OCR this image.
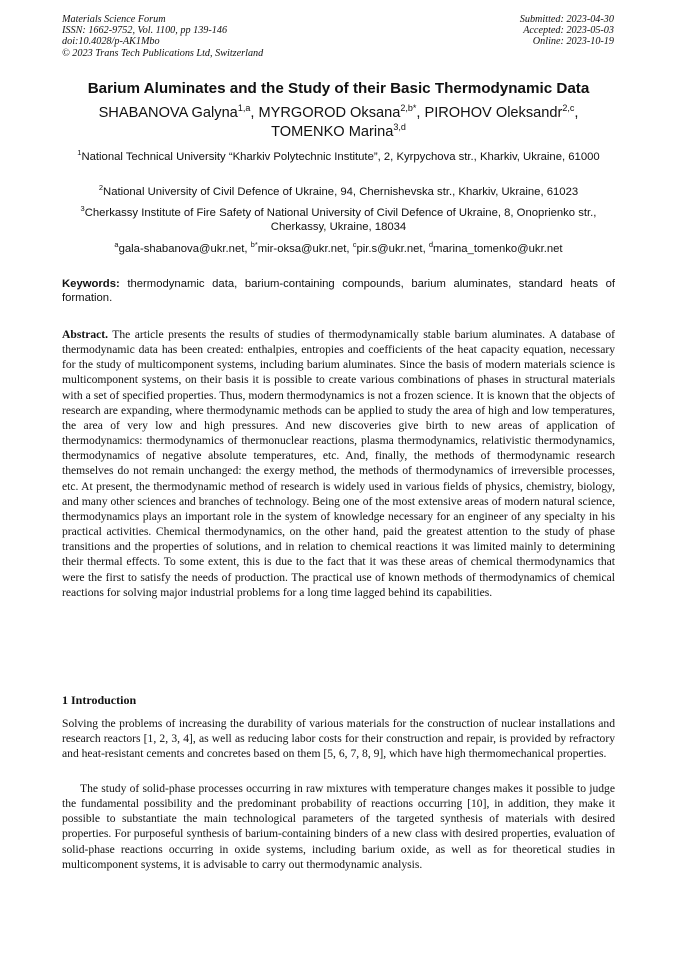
Materials Science Forum
ISSN: 1662-9752, Vol. 1100, pp 139-146
doi:10.4028/p-AK1Mbo
© 2023 Trans Tech Publications Ltd, Switzerland
Submitted: 2023-04-30
Accepted: 2023-05-03
Online: 2023-10-19
Barium Aluminates and the Study of their Basic Thermodynamic Data
SHABANOVA Galyna$^{1,a}$, MYRGOROD Oksana$^{2,b*}$, PIROHOV Oleksandr$^{2,c}$,
TOMENKO Marina$^{3,d}$
$^1$National Technical University “Kharkiv Polytechnic Institute”, 2, Kyrpychova str., Kharkiv, Ukraine, 61000
$^2$National University of Civil Defence of Ukraine, 94, Chernishevska str., Kharkiv, Ukraine, 61023
$^3$Cherkassy Institute of Fire Safety of National University of Civil Defence of Ukraine, 8, Onoprienko str., Cherkassy, Ukraine, 18034
$^a$gala-shabanova@ukr.net, $^{b*}$mir-oksa@ukr.net, $^c$pir.s@ukr.net, $^d$marina_tomenko@ukr.net
Keywords: thermodynamic data, barium-containing compounds, barium aluminates, standard heats of formation.
Abstract. The article presents the results of studies of thermodynamically stable barium aluminates. A database of thermodynamic data has been created: enthalpies, entropies and coefficients of the heat capacity equation, necessary for the study of multicomponent systems, including barium aluminates. Since the basis of modern materials science is multicomponent systems, on their basis it is possible to create various combinations of phases in structural materials with a set of specified properties. Thus, modern thermodynamics is not a frozen science. It is known that the objects of research are expanding, where thermodynamic methods can be applied to study the area of high and low temperatures, the area of very low and high pressures. And new discoveries give birth to new areas of application of thermodynamics: thermodynamics of thermonuclear reactions, plasma thermodynamics, relativistic thermodynamics, thermodynamics of negative absolute temperatures, etc. And, finally, the methods of thermodynamic research themselves do not remain unchanged: the exergy method, the methods of thermodynamics of irreversible processes, etc. At present, the thermodynamic method of research is widely used in various fields of physics, chemistry, biology, and many other sciences and branches of technology. Being one of the most extensive areas of modern natural science, thermodynamics plays an important role in the system of knowledge necessary for an engineer of any specialty in his practical activities. Chemical thermodynamics, on the other hand, paid the greatest attention to the study of phase transitions and the properties of solutions, and in relation to chemical reactions it was limited mainly to determining their thermal effects. To some extent, this is due to the fact that it was these areas of chemical thermodynamics that were the first to satisfy the needs of production. The practical use of known methods of thermodynamics of chemical reactions for solving major industrial problems for a long time lagged behind its capabilities.
1 Introduction

Solving the problems of increasing the durability of various materials for the construction of nuclear installations and research reactors [1, 2, 3, 4], as well as reducing labor costs for their construction and repair, is provided by refractory and heat-resistant cements and concretes based on them [5, 6, 7, 8, 9], which have high thermomechanical properties.

The study of solid-phase processes occurring in raw mixtures with temperature changes makes it possible to judge the fundamental possibility and the predominant probability of reactions occurring [10], in addition, they make it possible to substantiate the main technological parameters of the targeted synthesis of materials with desired properties. For purposeful synthesis of barium-containing binders of a new class with desired properties, evaluation of solid-phase reactions occurring in oxide systems, including barium oxide, as well as for theoretical studies in multicomponent systems, it is advisable to carry out thermodynamic analysis.
